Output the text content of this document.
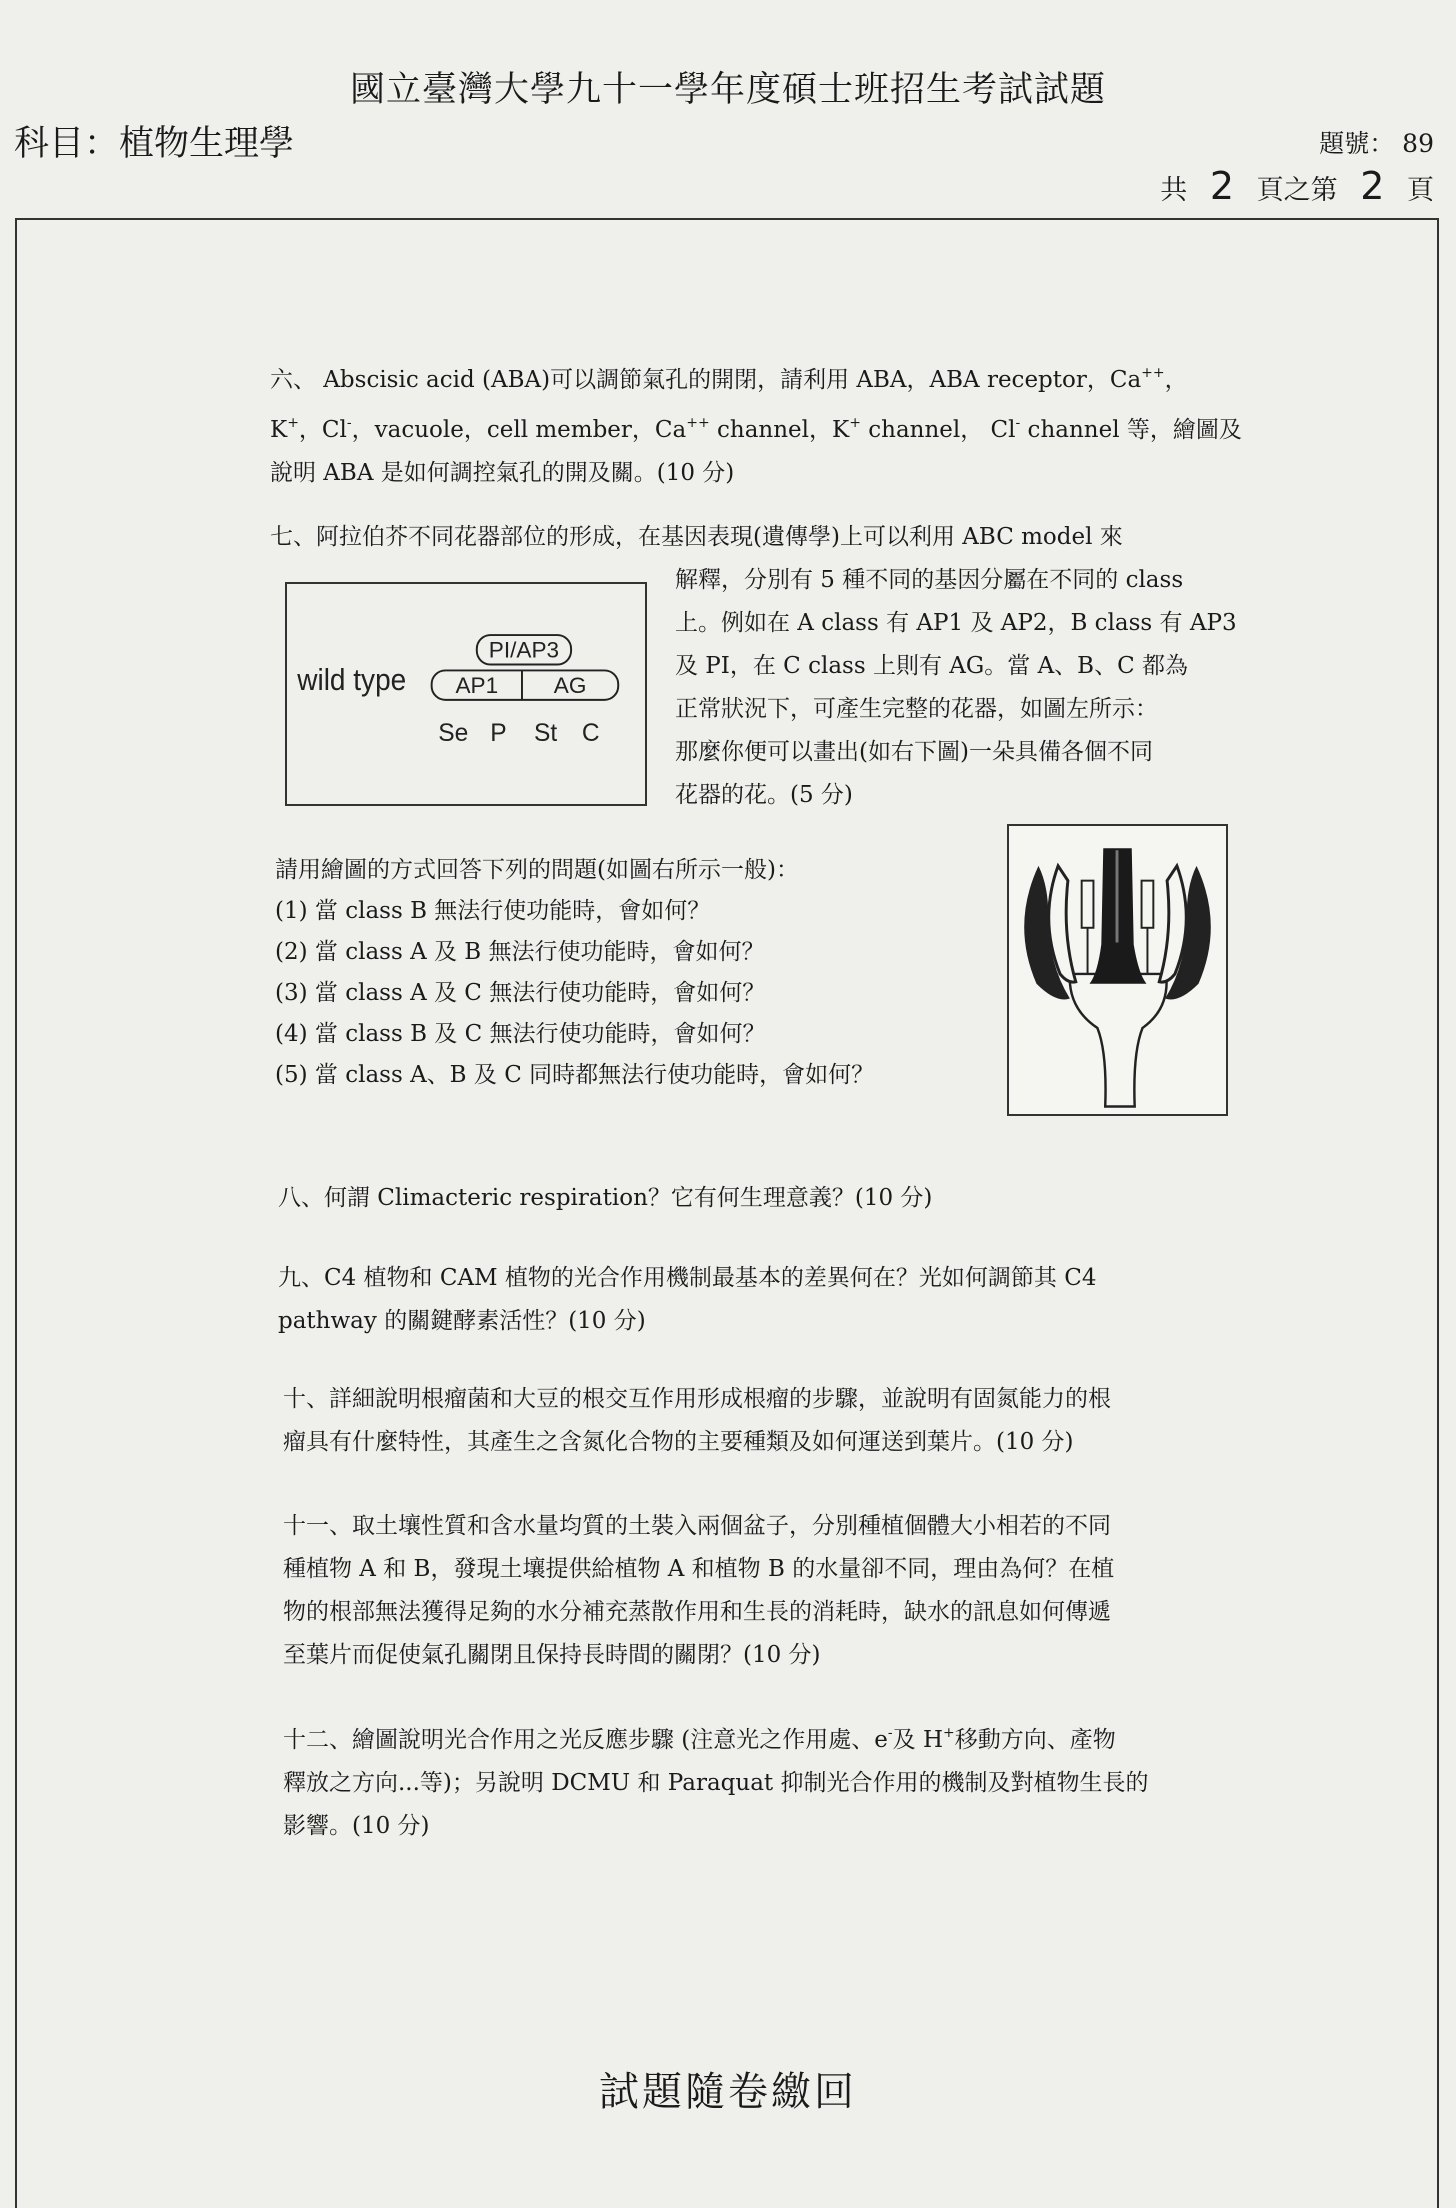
國立臺灣大學九十一學年度碩士班招生考試試題
科目：植物生理學	題號： 89
共 2 頁之第 2 頁

六、 Abscisic acid (ABA)可以調節氣孔的開閉，請利用 ABA，ABA receptor，Ca++，

K+，Cl-，vacuole，cell member，Ca++ channel，K+ channel， Cl- channel 等，繪圖及

說明 ABA 是如何調控氣孔的開及關。(10 分)

七、阿拉伯芥不同花器部位的形成，在基因表現(遺傳學)上可以利用 ABC model 來

解釋，分別有 5 種不同的基因分屬在不同的 class

上。例如在 A class 有 AP1 及 AP2，B class 有 AP3

及 PI，在 C class 上則有 AG。當 A、B、C 都為

正常狀況下，可產生完整的花器，如圖左所示：

那麼你便可以畫出(如右下圖)一朵具備各個不同

花器的花。(5 分)

wild type
PI/AP3
AP1 AG
Se P St C

請用繪圖的方式回答下列的問題(如圖右所示一般)：

(1) 當 class B 無法行使功能時，會如何？

(2) 當 class A 及 B 無法行使功能時，會如何？

(3) 當 class A 及 C 無法行使功能時，會如何？

(4) 當 class B 及 C 無法行使功能時，會如何？

(5) 當 class A、B 及 C 同時都無法行使功能時，會如何？

八、何謂 Climacteric respiration？它有何生理意義？(10 分)

九、C4 植物和 CAM 植物的光合作用機制最基本的差異何在？光如何調節其 C4

pathway 的關鍵酵素活性？(10 分)

十、詳細說明根瘤菌和大豆的根交互作用形成根瘤的步驟，並說明有固氮能力的根

瘤具有什麼特性，其產生之含氮化合物的主要種類及如何運送到葉片。(10 分)

十一、取土壤性質和含水量均質的土裝入兩個盆子，分別種植個體大小相若的不同

種植物 A 和 B，發現土壤提供給植物 A 和植物 B 的水量卻不同，理由為何？在植

物的根部無法獲得足夠的水分補充蒸散作用和生長的消耗時，缺水的訊息如何傳遞

至葉片而促使氣孔關閉且保持長時間的關閉？(10 分)

十二、繪圖說明光合作用之光反應步驟 (注意光之作用處、e-及 H+移動方向、產物

釋放之方向...等)；另說明 DCMU 和 Paraquat 抑制光合作用的機制及對植物生長的

影響。(10 分)

試題隨卷繳回
